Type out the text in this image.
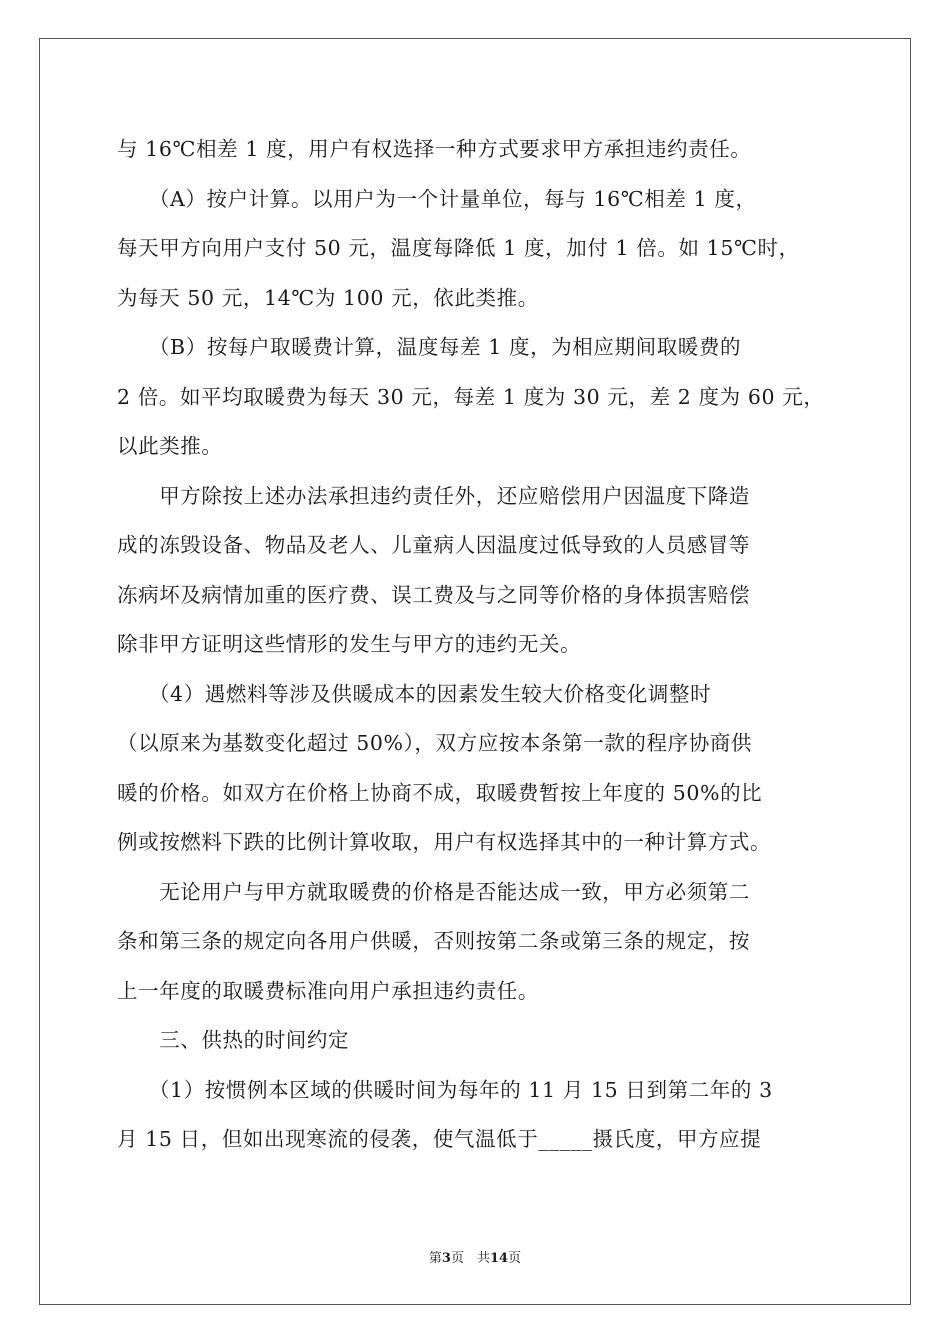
与 16℃相差 1 度，用户有权选择一种方式要求甲方承担违约责任。
　　（A）按户计算。以用户为一个计量单位，每与 16℃相差 1 度，
每天甲方向用户支付 50 元，温度每降低 1 度，加付 1 倍。如 15℃时，
为每天 50 元，14℃为 100 元，依此类推。
　　（B）按每户取暖费计算，温度每差 1 度，为相应期间取暖费的
2 倍。如平均取暖费为每天 30 元，每差 1 度为 30 元，差 2 度为 60 元，
以此类推。
　　甲方除按上述办法承担违约责任外，还应赔偿用户因温度下降造
成的冻毁设备、物品及老人、儿童病人因温度过低导致的人员感冒等
冻病坏及病情加重的医疗费、误工费及与之同等价格的身体损害赔偿
除非甲方证明这些情形的发生与甲方的违约无关。
　　（4）遇燃料等涉及供暖成本的因素发生较大价格变化调整时
（以原来为基数变化超过 50%），双方应按本条第一款的程序协商供
暖的价格。如双方在价格上协商不成，取暖费暂按上年度的 50%的比
例或按燃料下跌的比例计算收取，用户有权选择其中的一种计算方式。
　　无论用户与甲方就取暖费的价格是否能达成一致，甲方必须第二
条和第三条的规定向各用户供暖，否则按第二条或第三条的规定，按
上一年度的取暖费标准向用户承担违约责任。
　　三、供热的时间约定
　　（1）按惯例本区域的供暖时间为每年的 11 月 15 日到第二年的 3
月 15 日，但如出现寒流的侵袭，使气温低于_____摄氏度，甲方应提
第3页　共14页
